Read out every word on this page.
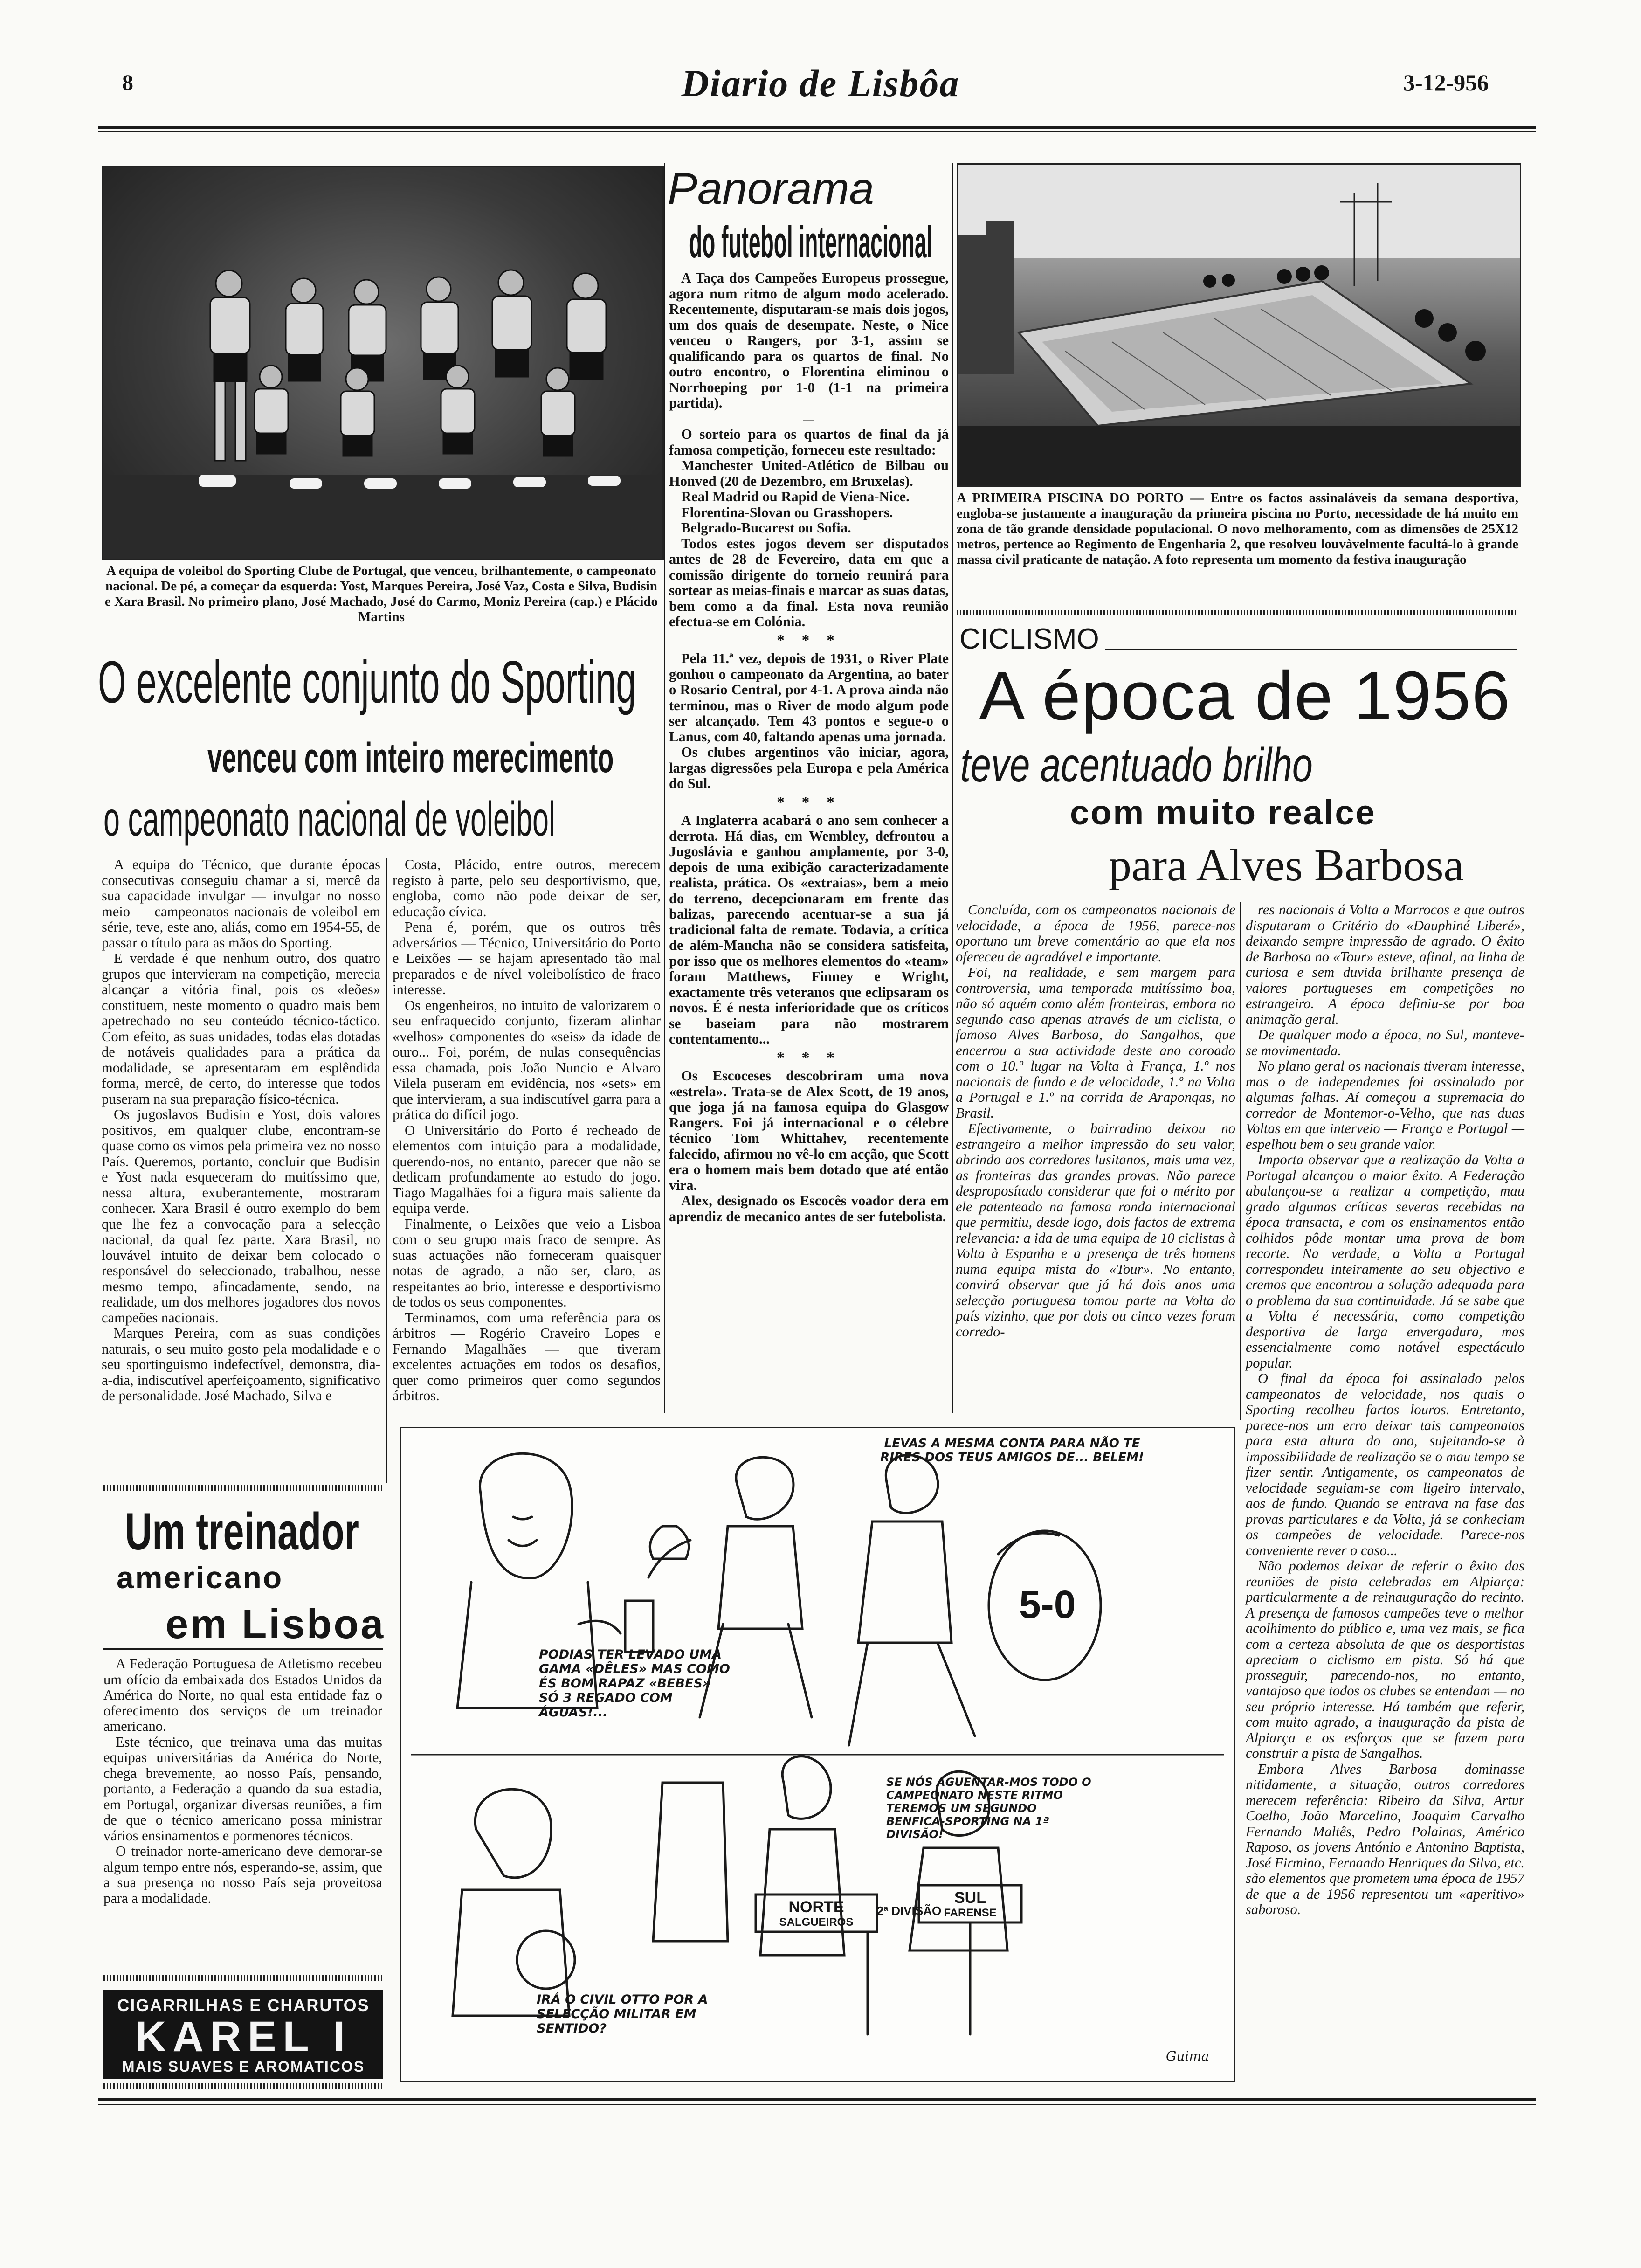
8	Diario de Lisbôa	3-12-956
A equipa de voleibol do Sporting Clube de Portugal, que venceu, brilhantemente, o campeonato nacional. De pé, a começar da esquerda: Yost, Marques Pereira, José Vaz, Costa e Silva, Budisin e Xara Brasil. No primeiro plano, José Machado, José do Carmo, Moniz Pereira (cap.) e Plácido Martins
O excelente conjunto do Sporting
venceu com inteiro merecimento
o campeonato nacional de voleibol

A equipa do Técnico, que durante épocas consecutivas conseguiu chamar a si, mercê da sua capacidade invulgar — invulgar no nosso meio — campeonatos nacionais de voleibol em série, teve, este ano, aliás, como em 1954-55, de passar o título para as mãos do Sporting.

E verdade é que nenhum outro, dos quatro grupos que intervieram na competição, merecia alcançar a vitória final, pois os «leões» constituem, neste momento o quadro mais bem apetrechado no seu conteúdo técnico-táctico. Com efeito, as suas unidades, todas elas dotadas de notáveis qualidades para a prática da modalidade, se apresentaram em esplêndida forma, mercê, de certo, do interesse que todos puseram na sua preparação físico-técnica.

Os jugoslavos Budisin e Yost, dois valores positivos, em qualquer clube, encontram-se quase como os vimos pela primeira vez no nosso País. Queremos, portanto, concluir que Budisin e Yost nada esqueceram do muitíssimo que, nessa altura, exuberantemente, mostraram conhecer. Xara Brasil é outro exemplo do bem que lhe fez a convocação para a selecção nacional, da qual fez parte. Xara Brasil, no louvável intuito de deixar bem colocado o responsável do seleccionado, trabalhou, nesse mesmo tempo, afincadamente, sendo, na realidade, um dos melhores jogadores dos novos campeões nacionais.

Marques Pereira, com as suas condições naturais, o seu muito gosto pela modalidade e o seu sportinguismo indefectível, demonstra, dia-a-dia, indiscutível aperfeiçoamento, significativo de personalidade. José Machado, Silva e

Costa, Plácido, entre outros, merecem registo à parte, pelo seu desportivismo, que, engloba, como não pode deixar de ser, educação cívica.

Pena é, porém, que os outros três adversários — Técnico, Universitário do Porto e Leixões — se hajam apresentado tão mal preparados e de nível voleibolístico de fraco interesse.

Os engenheiros, no intuito de valorizarem o seu enfraquecido conjunto, fizeram alinhar «velhos» componentes do «seis» da idade de ouro... Foi, porém, de nulas consequências essa chamada, pois João Nuncio e Alvaro Vilela puseram em evidência, nos «sets» em que intervieram, a sua indiscutível garra para a prática do difícil jogo.

O Universitário do Porto é recheado de elementos com intuição para a modalidade, querendo-nos, no entanto, parecer que não se dedicam profundamente ao estudo do jogo. Tiago Magalhães foi a figura mais saliente da equipa verde.

Finalmente, o Leixões que veio a Lisboa com o seu grupo mais fraco de sempre. As suas actuações não forneceram quaisquer notas de agrado, a não ser, claro, as respeitantes ao brio, interesse e desportivismo de todos os seus componentes.

Terminamos, com uma referência para os árbitros — Rogério Craveiro Lopes e Fernando Magalhães — que tiveram excelentes actuações em todos os desafios, quer como primeiros quer como segundos árbitros.

Um treinador
americano
em Lisboa

A Federação Portuguesa de Atletismo recebeu um ofício da embaixada dos Estados Unidos da América do Norte, no qual esta entidade faz o oferecimento dos serviços de um treinador americano.

Este técnico, que treinava uma das muitas equipas universitárias da América do Norte, chega brevemente, ao nosso País, pensando, portanto, a Federação a quando da sua estadia, em Portugal, organizar diversas reuniões, a fim de que o técnico americano possa ministrar vários ensinamentos e pormenores técnicos.

O treinador norte-americano deve demorar-se algum tempo entre nós, esperando-se, assim, que a sua presença no nosso País seja proveitosa para a modalidade.

CIGARRILHAS E CHARUTOS
KAREL I
MAIS SUAVES E AROMATICOS
Panorama
do futebol internacional

A Taça dos Campeões Europeus prossegue, agora num ritmo de algum modo acelerado. Recentemente, disputaram-se mais dois jogos, um dos quais de desempate. Neste, o Nice venceu o Rangers, por 3-1, assim se qualificando para os quartos de final. No outro encontro, o Florentina eliminou o Norrhoeping por 1-0 (1-1 na primeira partida).

—

O sorteio para os quartos de final da já famosa competição, forneceu este resultado:

Manchester United-Atlético de Bilbau ou Honved (20 de Dezembro, em Bruxelas).

Real Madrid ou Rapid de Viena-Nice.

Florentina-Slovan ou Grasshopers.

Belgrado-Bucarest ou Sofia.

Todos estes jogos devem ser disputados antes de 28 de Fevereiro, data em que a comissão dirigente do torneio reunirá para sortear as meias-finais e marcar as suas datas, bem como a da final. Esta nova reunião efectua-se em Colónia.

* * *

Pela 11.ª vez, depois de 1931, o River Plate gonhou o campeonato da Argentina, ao bater o Rosario Central, por 4-1. A prova ainda não terminou, mas o River de modo algum pode ser alcançado. Tem 43 pontos e segue-o o Lanus, com 40, faltando apenas uma jornada.

Os clubes argentinos vão iniciar, agora, largas digressões pela Europa e pela América do Sul.

* * *

A Inglaterra acabará o ano sem conhecer a derrota. Há dias, em Wembley, defrontou a Jugoslávia e ganhou amplamente, por 3-0, depois de uma exibição caracterizadamente realista, prática. Os «extraias», bem a meio do terreno, decepcionaram em frente das balizas, parecendo acentuar-se a sua já tradicional falta de remate. Todavia, a crítica de além-Mancha não se considera satisfeita, por isso que os melhores elementos do «team» foram Matthews, Finney e Wright, exactamente três veteranos que eclipsaram os novos. É é nesta inferioridade que os críticos se baseiam para não mostrarem contentamento...

* * *

Os Escoceses descobriram uma nova «estrela». Trata-se de Alex Scott, de 19 anos, que joga já na famosa equipa do Glasgow Rangers. Foi já internacional e o célebre técnico Tom Whittahev, recentemente falecido, afirmou no vê-lo em acção, que Scott era o homem mais bem dotado que até então vira.

Alex, designado os Escocês voador dera em aprendiz de mecanico antes de ser futebolista.

A PRIMEIRA PISCINA DO PORTO — Entre os factos assinaláveis da semana desportiva, engloba-se justamente a inauguração da primeira piscina no Porto, necessidade de há muito em zona de tão grande densidade populacional. O novo melhoramento, com as dimensões de 25X12 metros, pertence ao Regimento de Engenharia 2, que resolveu louvàvelmente facultá-lo à grande massa civil praticante de natação. A foto representa um momento da festiva inauguração
CICLISMO
A época de 1956
teve acentuado brilho
com muito realce
para Alves Barbosa

Concluída, com os campeonatos nacionais de velocidade, a época de 1956, parece-nos oportuno um breve comentário ao que ela nos ofereceu de agradável e importante.

Foi, na realidade, e sem margem para controversia, uma temporada muitíssimo boa, não só aquém como além fronteiras, embora no segundo caso apenas através de um ciclista, o famoso Alves Barbosa, do Sangalhos, que encerrou a sua actividade deste ano coroado com o 10.º lugar na Volta à França, 1.º nos nacionais de fundo e de velocidade, 1.º na Volta a Portugal e 1.º na corrida de Araponqas, no Brasil.

Efectivamente, o bairradino deixou no estrangeiro a melhor impressão do seu valor, abrindo aos corredores lusitanos, mais uma vez, as fronteiras das grandes provas. Não parece desproposítado considerar que foi o mérito por ele patenteado na famosa ronda internacional que permitiu, desde logo, dois factos de extrema relevancia: a ida de uma equipa de 10 ciclistas à Volta à Espanha e a presença de três homens numa equipa mista do «Tour». No entanto, convirá observar que já há dois anos uma selecção portuguesa tomou parte na Volta do país vizinho, que por dois ou cinco vezes foram corredo-

res nacionais á Volta a Marrocos e que outros disputaram o Critério do «Dauphiné Liberé», deixando sempre impressão de agrado. O êxito de Barbosa no «Tour» esteve, afinal, na linha de curiosa e sem duvida brilhante presença de valores portugueses em competições no estrangeiro. A época definiu-se por boa animação geral.

De qualquer modo a época, no Sul, manteve-se movimentada.

No plano geral os nacionais tiveram interesse, mas o de independentes foi assinalado por algumas falhas. Aí começou a supremacia do corredor de Montemor-o-Velho, que nas duas Voltas em que interveio — França e Portugal — espelhou bem o seu grande valor.

Importa observar que a realização da Volta a Portugal alcançou o maior êxito. A Federação abalançou-se a realizar a competição, mau grado algumas críticas severas recebidas na época transacta, e com os ensinamentos então colhidos pôde montar uma prova de bom recorte. Na verdade, a Volta a Portugal correspondeu inteiramente ao seu objectivo e cremos que encontrou a solução adequada para o problema da sua continuidade. Já se sabe que a Volta é necessária, como competição desportiva de larga envergadura, mas essencialmente como notável espectáculo popular.

O final da época foi assinalado pelos campeonatos de velocidade, nos quais o Sporting recolheu fartos louros. Entretanto, parece-nos um erro deixar tais campeonatos para esta altura do ano, sujeitando-se à impossibilidade de realização se o mau tempo se fizer sentir. Antigamente, os campeonatos de velocidade seguiam-se com ligeiro intervalo, aos de fundo. Quando se entrava na fase das provas particulares e da Volta, já se conheciam os campeões de velocidade. Parece-nos conveniente rever o caso...

Não podemos deixar de referir o êxito das reuniões de pista celebradas em Alpiarça: particularmente a de reinauguração do recinto. A presença de famosos campeões teve o melhor acolhimento do público e, uma vez mais, se fica com a certeza absoluta de que os desportistas apreciam o ciclismo em pista. Só há que prosseguir, parecendo-nos, no entanto, vantajoso que todos os clubes se entendam — no seu próprio interesse. Há também que referir, com muito agrado, a inauguração da pista de Alpiarça e os esforços que se fazem para construir a pista de Sangalhos.

Embora Alves Barbosa dominasse nitidamente, a situação, outros corredores merecem referência: Ribeiro da Silva, Artur Coelho, João Marcelino, Joaquim Carvalho Fernando Maltês, Pedro Polainas, Américo Raposo, os jovens António e Antonino Baptista, José Firmino, Fernando Henriques da Silva, etc. são elementos que prometem uma época de 1957 de que a de 1956 representou um «aperitivo» saboroso.

LEVAS A MESMA CONTA PARA NÃO TE RIRES DOS TEUS AMIGOS DE... BELEM!
5-0
PODIAS TER LEVADO UMA GAMA «DÊLES» MAS COMO ÉS BOM RAPAZ «BEBES» SÓ 3 REGADO COM ÁGUAS!...
SE NÓS AGUENTAR-MOS TODO O CAMPEONATO NESTE RITMO TEREMOS UM SEGUNDO BENFICA-SPORTING NA 1ª DIVISÃO!
IRÁ O CIVIL OTTO POR A SELECÇÃO MILITAR EM SENTIDO?
NORTE
SALGUEIROS
2ª DIVISÃO
SUL
FARENSE
Guima
